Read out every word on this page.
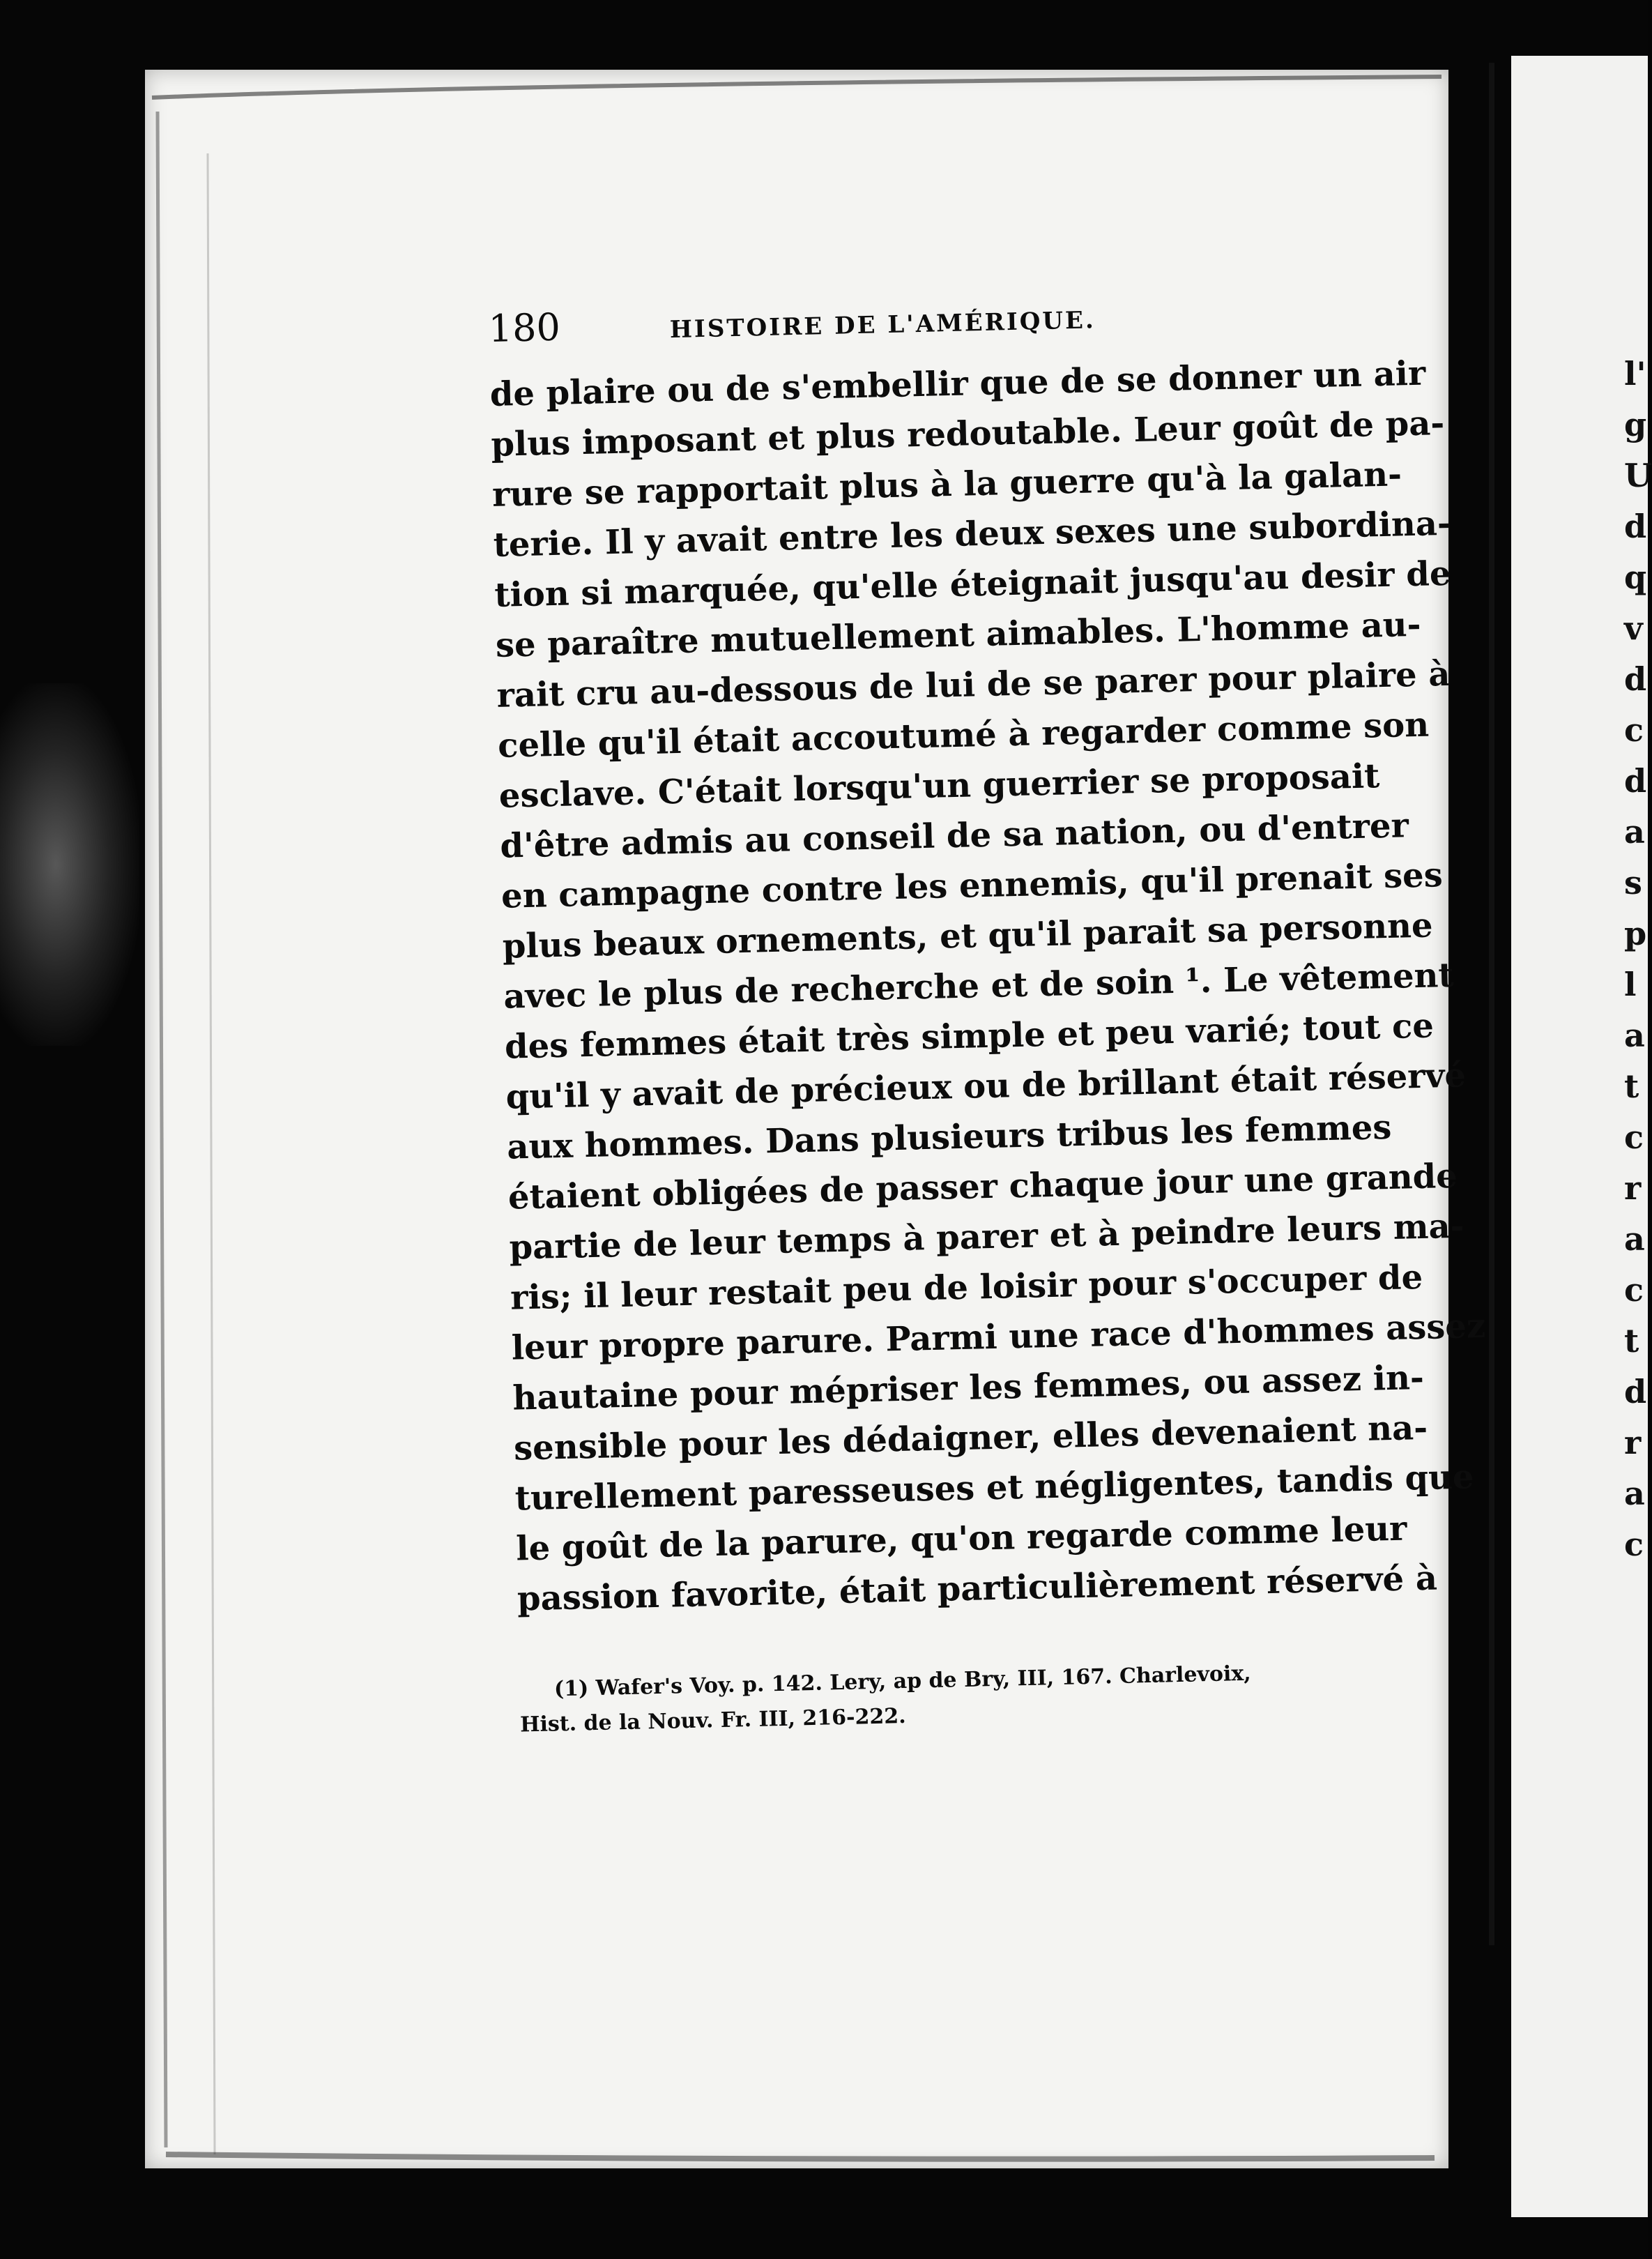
l'
g
U
d
q
v
d
c
d
a
s
p
l
a
t
c
r
a
c
t
d
r
a
c
180	HISTOIRE DE L'AMÉRIQUE.
de plaire ou de s'embellir que de se donner un air
plus imposant et plus redoutable. Leur goût de pa-
rure se rapportait plus à la guerre qu'à la galan-
terie. Il y avait entre les deux sexes une subordina-
tion si marquée, qu'elle éteignait jusqu'au desir de
se paraître mutuellement aimables. L'homme au-
rait cru au-dessous de lui de se parer pour plaire à
celle qu'il était accoutumé à regarder comme son
esclave. C'était lorsqu'un guerrier se proposait
d'être admis au conseil de sa nation, ou d'entrer
en campagne contre les ennemis, qu'il prenait ses
plus beaux ornements, et qu'il parait sa personne
avec le plus de recherche et de soin ¹. Le vêtement
des femmes était très simple et peu varié; tout ce
qu'il y avait de précieux ou de brillant était réservé
aux hommes. Dans plusieurs tribus les femmes
étaient obligées de passer chaque jour une grande
partie de leur temps à parer et à peindre leurs ma-
ris; il leur restait peu de loisir pour s'occuper de
leur propre parure. Parmi une race d'hommes assez
hautaine pour mépriser les femmes, ou assez in-
sensible pour les dédaigner, elles devenaient na-
turellement paresseuses et négligentes, tandis que
le goût de la parure, qu'on regarde comme leur
passion favorite, était particulièrement réservé à
(1) Wafer's Voy. p. 142. Lery, ap de Bry, III, 167. Charlevoix,
Hist. de la Nouv. Fr. III, 216-222.
